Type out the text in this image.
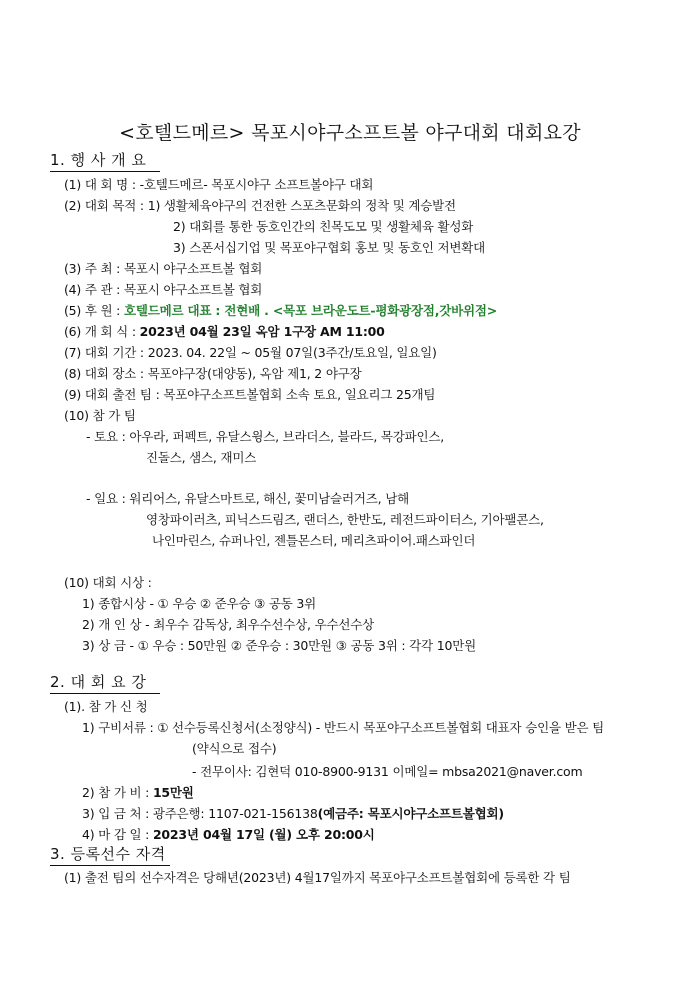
<호텔드메르> 목포시야구소프트볼 야구대회 대회요강
1. 행 사 개 요
(1) 대 회 명 : -호텔드메르- 목포시야구 소프트볼야구 대회
(2) 대회 목적 : 1) 생활체육야구의 건전한 스포츠문화의 정착 및 계승발전
2) 대회를 통한 동호인간의 친목도모 및 생활체육 활성화
3) 스폰서십기업 및 목포야구협회 홍보 및 동호인 저변확대
(3) 주 최 : 목포시 야구소프트볼 협회
(4) 주 관 : 목포시 야구소프트볼 협회
(5) 후 원 : 호텔드메르 대표 : 전현배 . <목포 브라운도트-평화광장점,갓바위점>
(6) 개 회 식 : 2023년 04월 23일 옥암 1구장 AM 11:00
(7) 대회 기간 : 2023. 04. 22일 ~ 05월 07일(3주간/토요일, 일요일)
(8) 대회 장소 : 목포야구장(대양동), 옥암 제1, 2 야구장
(9) 대회 출전 팀 : 목포야구소프트볼협회 소속 토요, 일요리그 25개팀
(10) 참 가 팀
- 토요 : 아우라, 퍼펙트, 유달스윙스, 브라더스, 블라드, 목강파인스,
진돌스, 샘스, 재미스
- 일요 : 워리어스, 유달스마트로, 해신, 꽃미남슬러거즈, 남해
영창파이러츠, 피닉스드림즈, 랜더스, 한반도, 레전드파이터스, 기아팰콘스,
나인마린스, 슈퍼나인, 젠틀몬스터, 메리츠파이어.패스파인더
(10) 대회 시상 :
1) 종합시상 - ① 우승 ② 준우승 ③ 공동 3위
2) 개 인 상 - 최우수 감독상, 최우수선수상, 우수선수상
3) 상 금 - ① 우승 : 50만원 ② 준우승 : 30만원 ③ 공동 3위 : 각각 10만원
2. 대 회 요 강
(1). 참 가 신 청
1) 구비서류 : ① 선수등록신청서(소정양식) - 반드시 목포야구소프트볼협회 대표자 승인을 받은 팀
(약식으로 접수)
- 전무이사: 김현덕 010-8900-9131 이메일= mbsa2021@naver.com
2) 참 가 비 : 15만원
3) 입 금 처 : 광주은행: 1107-021-156138(예금주: 목포시야구소프트볼협회)
4) 마 감 일 : 2023년 04월 17일 (월) 오후 20:00시
3. 등록선수 자격
(1) 출전 팀의 선수자격은 당해년(2023년) 4월17일까지 목포야구소프트볼협회에 등록한 각 팀
